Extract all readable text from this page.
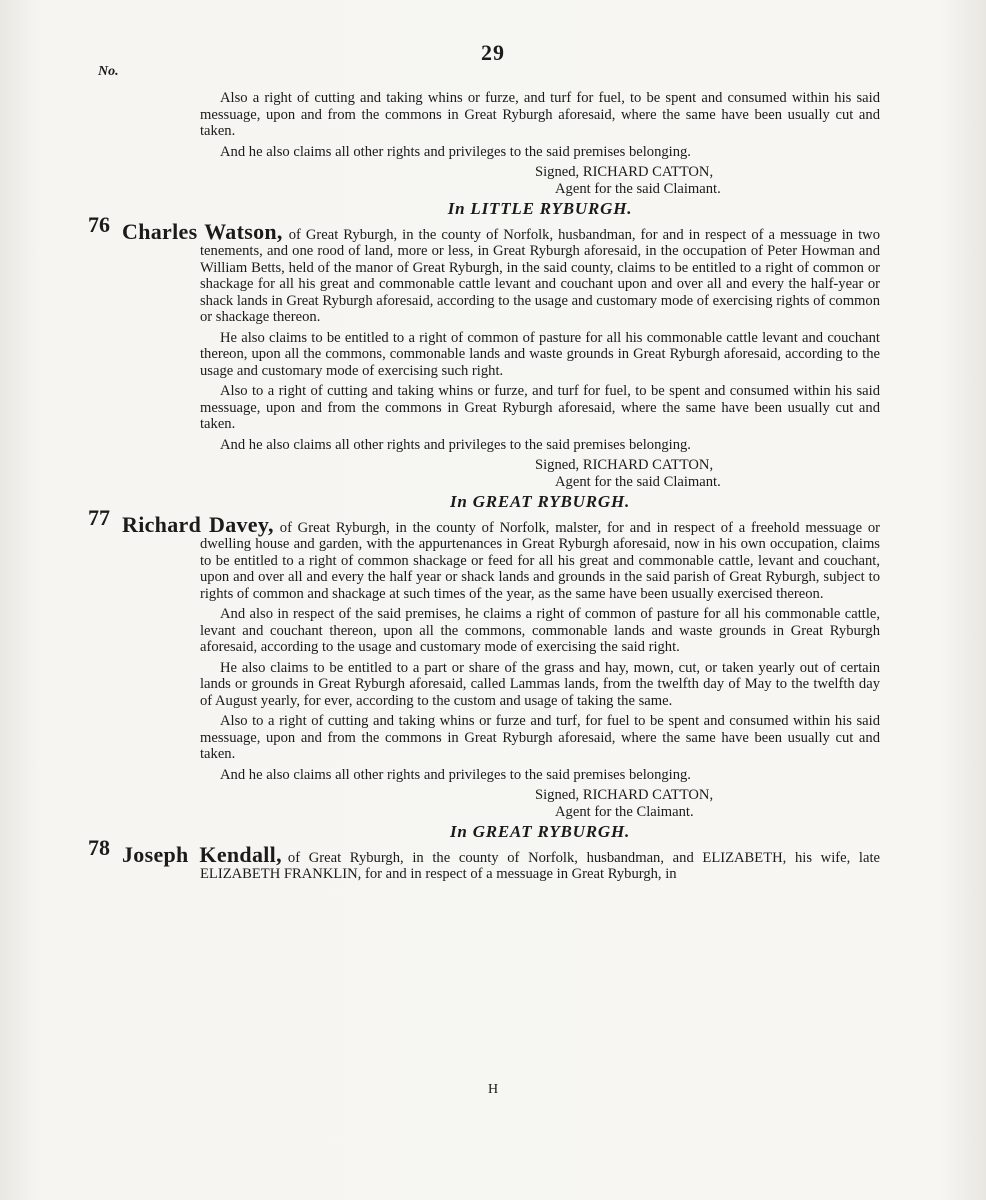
29
No.

Also a right of cutting and taking whins or furze, and turf for fuel, to be spent and consumed within his said messuage, upon and from the commons in Great Ryburgh aforesaid, where the same have been usually cut and taken.

And he also claims all other rights and privileges to the said premises belonging.

Signed, RICHARD CATTON,
Agent for the said Claimant.
In LITTLE RYBURGH.
76 Charles Watson, of Great Ryburgh, in the county of Norfolk, husbandman, for and in respect of a messuage in two tenements, and one rood of land, more or less, in Great Ryburgh aforesaid, in the occupation of Peter Howman and William Betts, held of the manor of Great Ryburgh, in the said county, claims to be entitled to a right of common or shackage for all his great and commonable cattle levant and couchant upon and over all and every the half-year or shack lands in Great Ryburgh aforesaid, according to the usage and customary mode of exercising rights of common or shackage thereon.

He also claims to be entitled to a right of common of pasture for all his commonable cattle levant and couchant thereon, upon all the commons, commonable lands and waste grounds in Great Ryburgh aforesaid, according to the usage and customary mode of exercising such right.

Also to a right of cutting and taking whins or furze, and turf for fuel, to be spent and consumed within his said messuage, upon and from the commons in Great Ryburgh aforesaid, where the same have been usually cut and taken.

And he also claims all other rights and privileges to the said premises belonging.

Signed, RICHARD CATTON,
Agent for the said Claimant.
In GREAT RYBURGH.
77 Richard Davey, of Great Ryburgh, in the county of Norfolk, malster, for and in respect of a freehold messuage or dwelling house and garden, with the appurtenances in Great Ryburgh aforesaid, now in his own occupation, claims to be entitled to a right of common shackage or feed for all his great and commonable cattle, levant and couchant, upon and over all and every the half year or shack lands and grounds in the said parish of Great Ryburgh, subject to rights of common and shackage at such times of the year, as the same have been usually exercised thereon.

And also in respect of the said premises, he claims a right of common of pasture for all his commonable cattle, levant and couchant thereon, upon all the commons, commonable lands and waste grounds in Great Ryburgh aforesaid, according to the usage and customary mode of exercising the said right.

He also claims to be entitled to a part or share of the grass and hay, mown, cut, or taken yearly out of certain lands or grounds in Great Ryburgh aforesaid, called Lammas lands, from the twelfth day of May to the twelfth day of August yearly, for ever, according to the custom and usage of taking the same.

Also to a right of cutting and taking whins or furze and turf, for fuel to be spent and consumed within his said messuage, upon and from the commons in Great Ryburgh aforesaid, where the same have been usually cut and taken.

And he also claims all other rights and privileges to the said premises belonging.

Signed, RICHARD CATTON,
Agent for the Claimant.
In GREAT RYBURGH.
78 Joseph Kendall, of Great Ryburgh, in the county of Norfolk, husbandman, and ELIZABETH, his wife, late ELIZABETH FRANKLIN, for and in respect of a messuage in Great Ryburgh, in

H
